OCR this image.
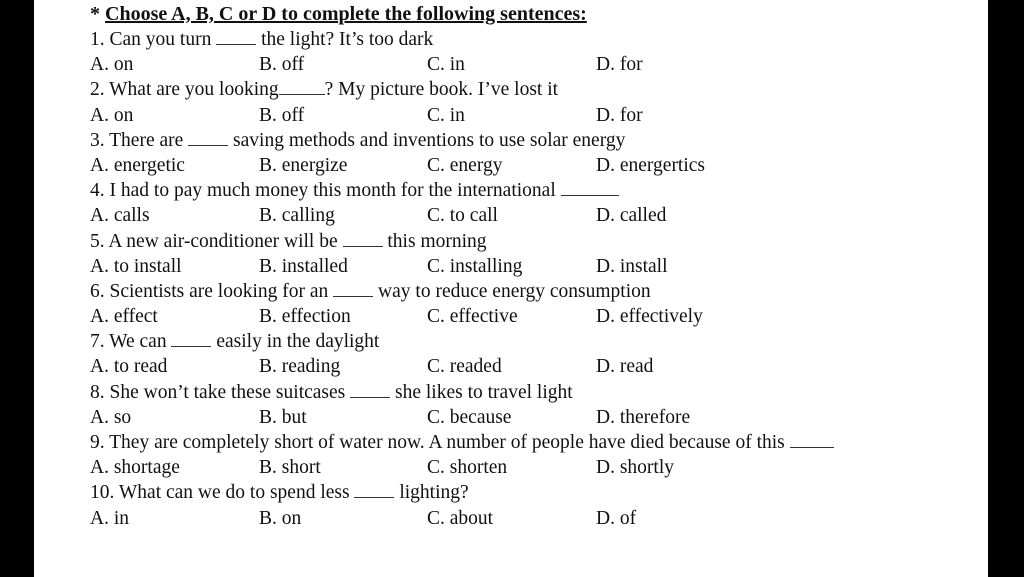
* Choose A, B, C or D to complete the following sentences:
1. Can you turn  the light? It’s too dark
A. on	B. off	C. in	D. for
2. What are you looking ? My picture book. I’ve lost it
A. on	B. off	C. in	D. for
3. There are  saving methods and inventions to use solar energy
A. energetic	B. energize	C. energy	D. energertics
4. I had to pay much money this month for the international
A. calls	B. calling	C. to call	D. called
5. A new air-conditioner will be  this morning
A. to install	B. installed	C. installing	D. install
6. Scientists are looking for an  way to reduce energy consumption
A. effect	B. effection	C. effective	D. effectively
7. We can  easily in the daylight
A. to read	B. reading	C. readed	D. read
8. She won’t take these suitcases  she likes to travel light
A. so	B. but	C. because	D. therefore
9. They are completely short of water now. A number of people have died because of this
A. shortage	B. short	C. shorten	D. shortly
10. What can we do to spend less  lighting?
A. in	B. on	C. about	D. of
